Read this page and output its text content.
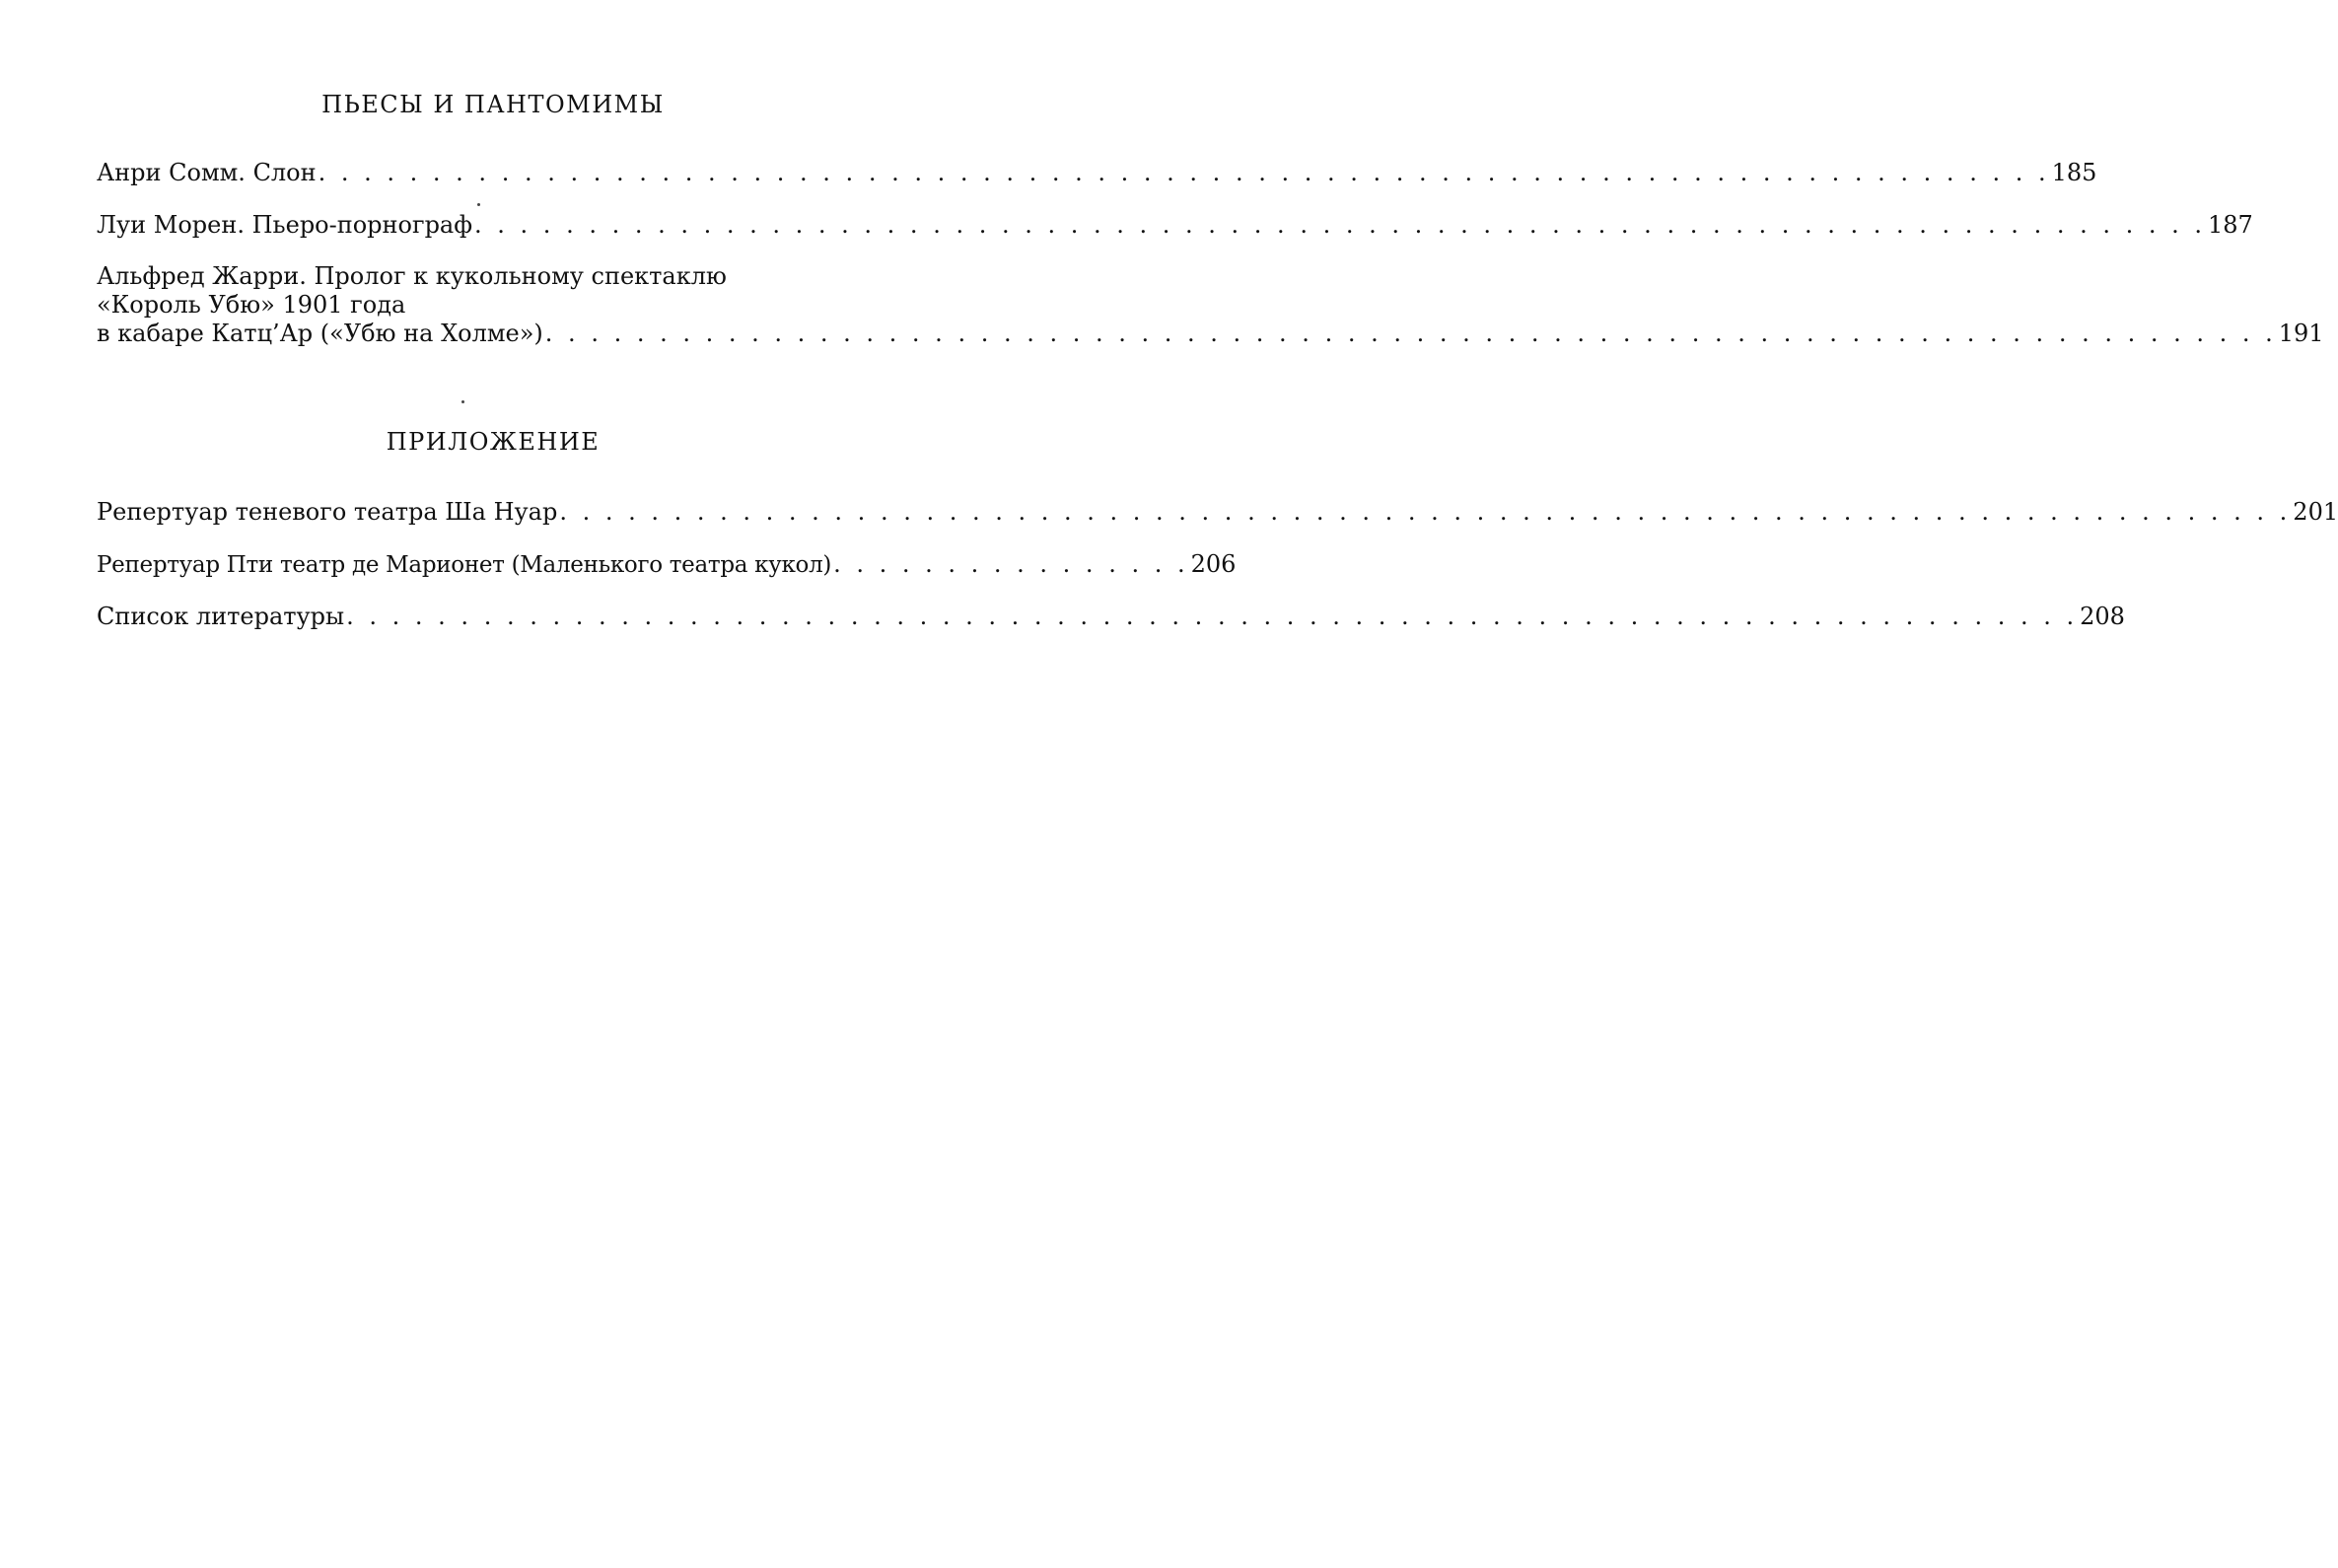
ПЬЕСЫ И ПАНТОМИМЫ
Анри Сомм. Слон . . . . . . . . . . . . . . . . . . . . . . . . . . . . . . . . . . . . . . . . . . . . . . . . . . . . . . . . . . . . . . . . . . . . . . . . . . . . 185
Луи Морен. Пьеро-порнограф . . . . . . . . . . . . . . . . . . . . . . . . . . . . . . . . . . . . . . . . . . . . . . . . . . . . . . . . . . . . . . . . . . . . . . . . . . . . 187
Альфред Жарри. Пролог к кукольному спектаклю
«Король Убю» 1901 года
в кабаре Катц’Ар («Убю на Холме») . . . . . . . . . . . . . . . . . . . . . . . . . . . . . . . . . . . . . . . . . . . . . . . . . . . . . . . . . . . . . . . . . . . . . . . . . . . . 191
ПРИЛОЖЕНИЕ
Репертуар теневого театра Ша Нуар . . . . . . . . . . . . . . . . . . . . . . . . . . . . . . . . . . . . . . . . . . . . . . . . . . . . . . . . . . . . . . . . . . . . . . . . . . . . 201
Репертуар Пти театр де Марионет (Маленького театра кукол) . . . . . . . . . . . . . . . . 206
Список литературы . . . . . . . . . . . . . . . . . . . . . . . . . . . . . . . . . . . . . . . . . . . . . . . . . . . . . . . . . . . . . . . . . . . . . . . . . . . . 208
